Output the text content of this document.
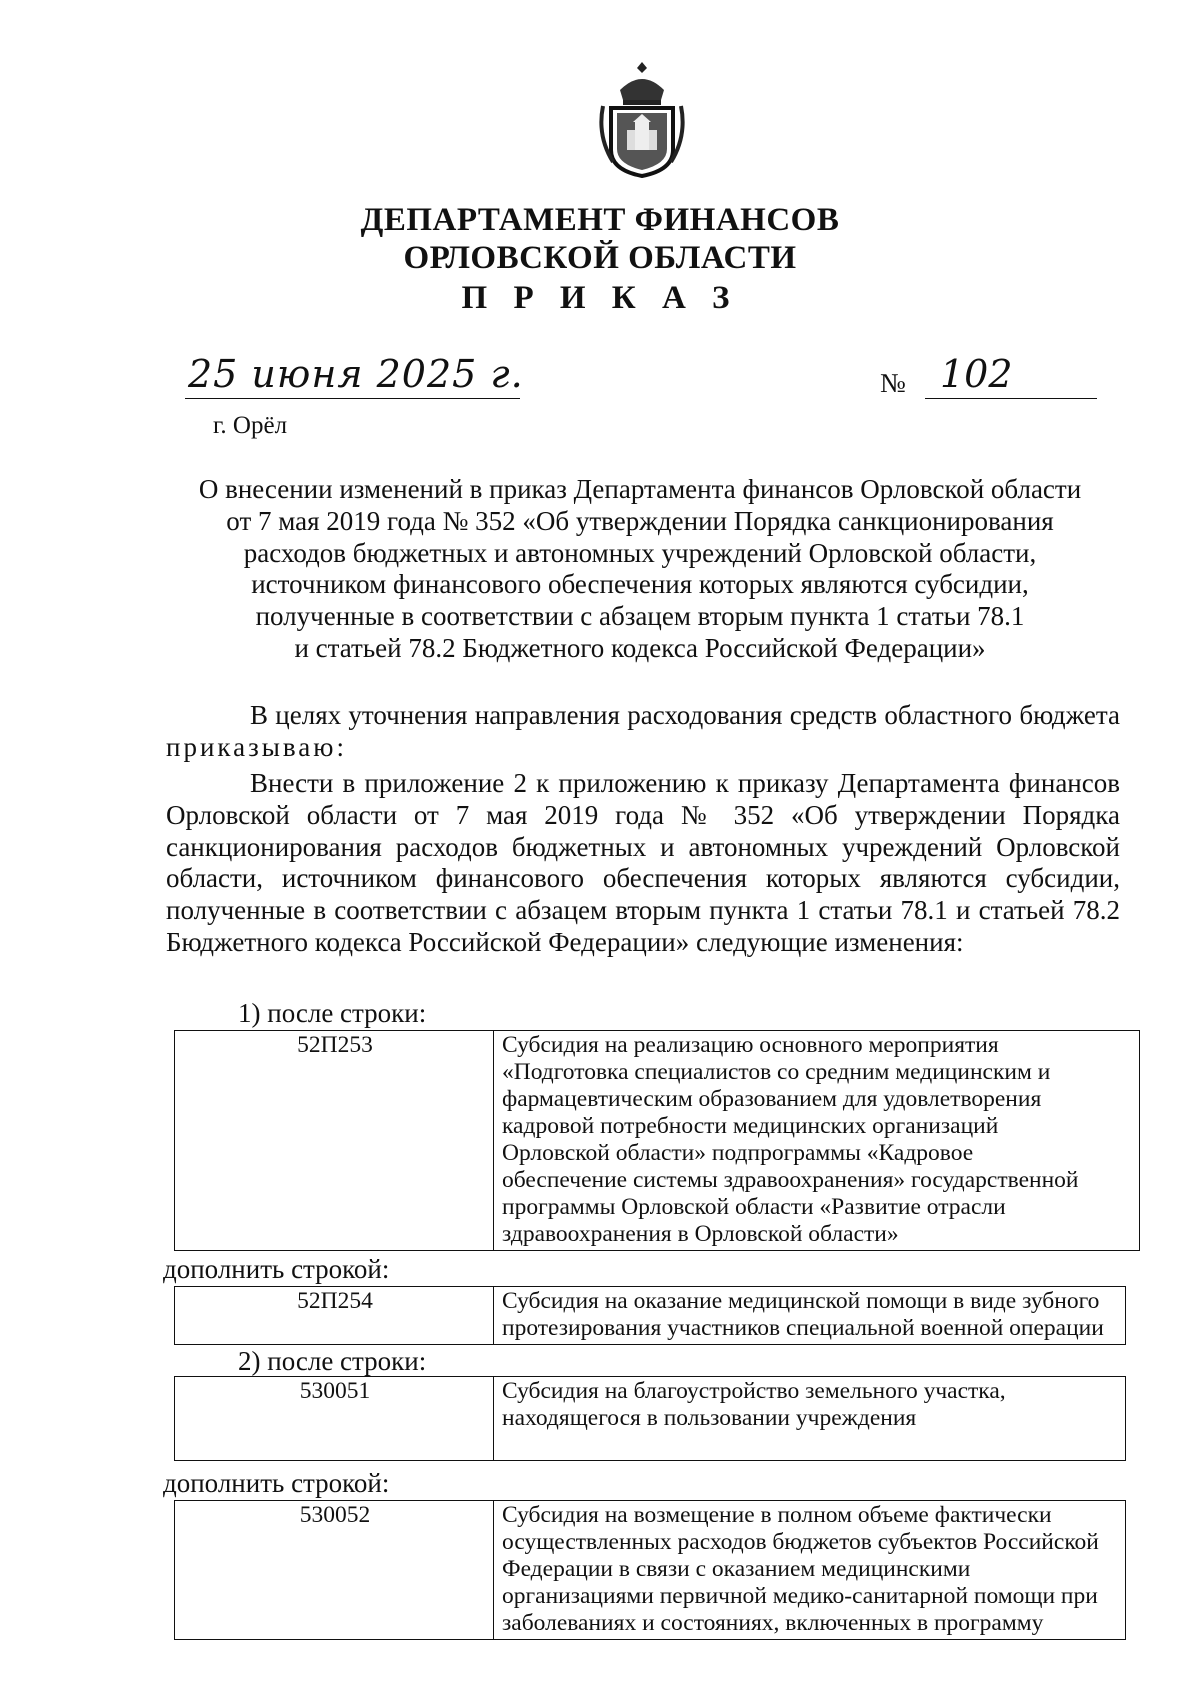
ДЕПАРТАМЕНТ ФИНАНСОВ
ОРЛОВСКОЙ ОБЛАСТИ
П Р И К А З
25 июня 2025 г.	№ 102
г. Орёл
О внесении изменений в приказ Департамента финансов Орловской области
от 7 мая 2019 года № 352 «Об утверждении Порядка санкционирования
расходов бюджетных и автономных учреждений Орловской области,
источником финансового обеспечения которых являются субсидии,
полученные в соответствии с абзацем вторым пункта 1 статьи 78.1
и статьей 78.2 Бюджетного кодекса Российской Федерации»
В целях уточнения направления расходования средств областного бюджета приказываю:
Внести в приложение 2 к приложению к приказу Департамента финансов Орловской области от 7 мая 2019 года № 352 «Об утверждении Порядка санкционирования расходов бюджетных и автономных учреждений Орловской области, источником финансового обеспечения которых являются субсидии, полученные в соответствии с абзацем вторым пункта 1 статьи 78.1 и статьей 78.2 Бюджетного кодекса Российской Федерации» следующие изменения:
1) после строки:
52П253	Субсидия на реализацию основного мероприятия
«Подготовка специалистов со средним медицинским и
фармацевтическим образованием для удовлетворения
кадровой потребности медицинских организаций
Орловской области» подпрограммы «Кадровое
обеспечение системы здравоохранения» государственной
программы Орловской области «Развитие отрасли
здравоохранения в Орловской области»
дополнить строкой:
52П254	Субсидия на оказание медицинской помощи в виде зубного
протезирования участников специальной военной операции
2) после строки:
530051	Субсидия на благоустройство земельного участка,
находящегося в пользовании учреждения
дополнить строкой:
530052	Субсидия на возмещение в полном объеме фактически
осуществленных расходов бюджетов субъектов Российской
Федерации в связи с оказанием медицинскими
организациями первичной медико-санитарной помощи при
заболеваниях и состояниях, включенных в программу
